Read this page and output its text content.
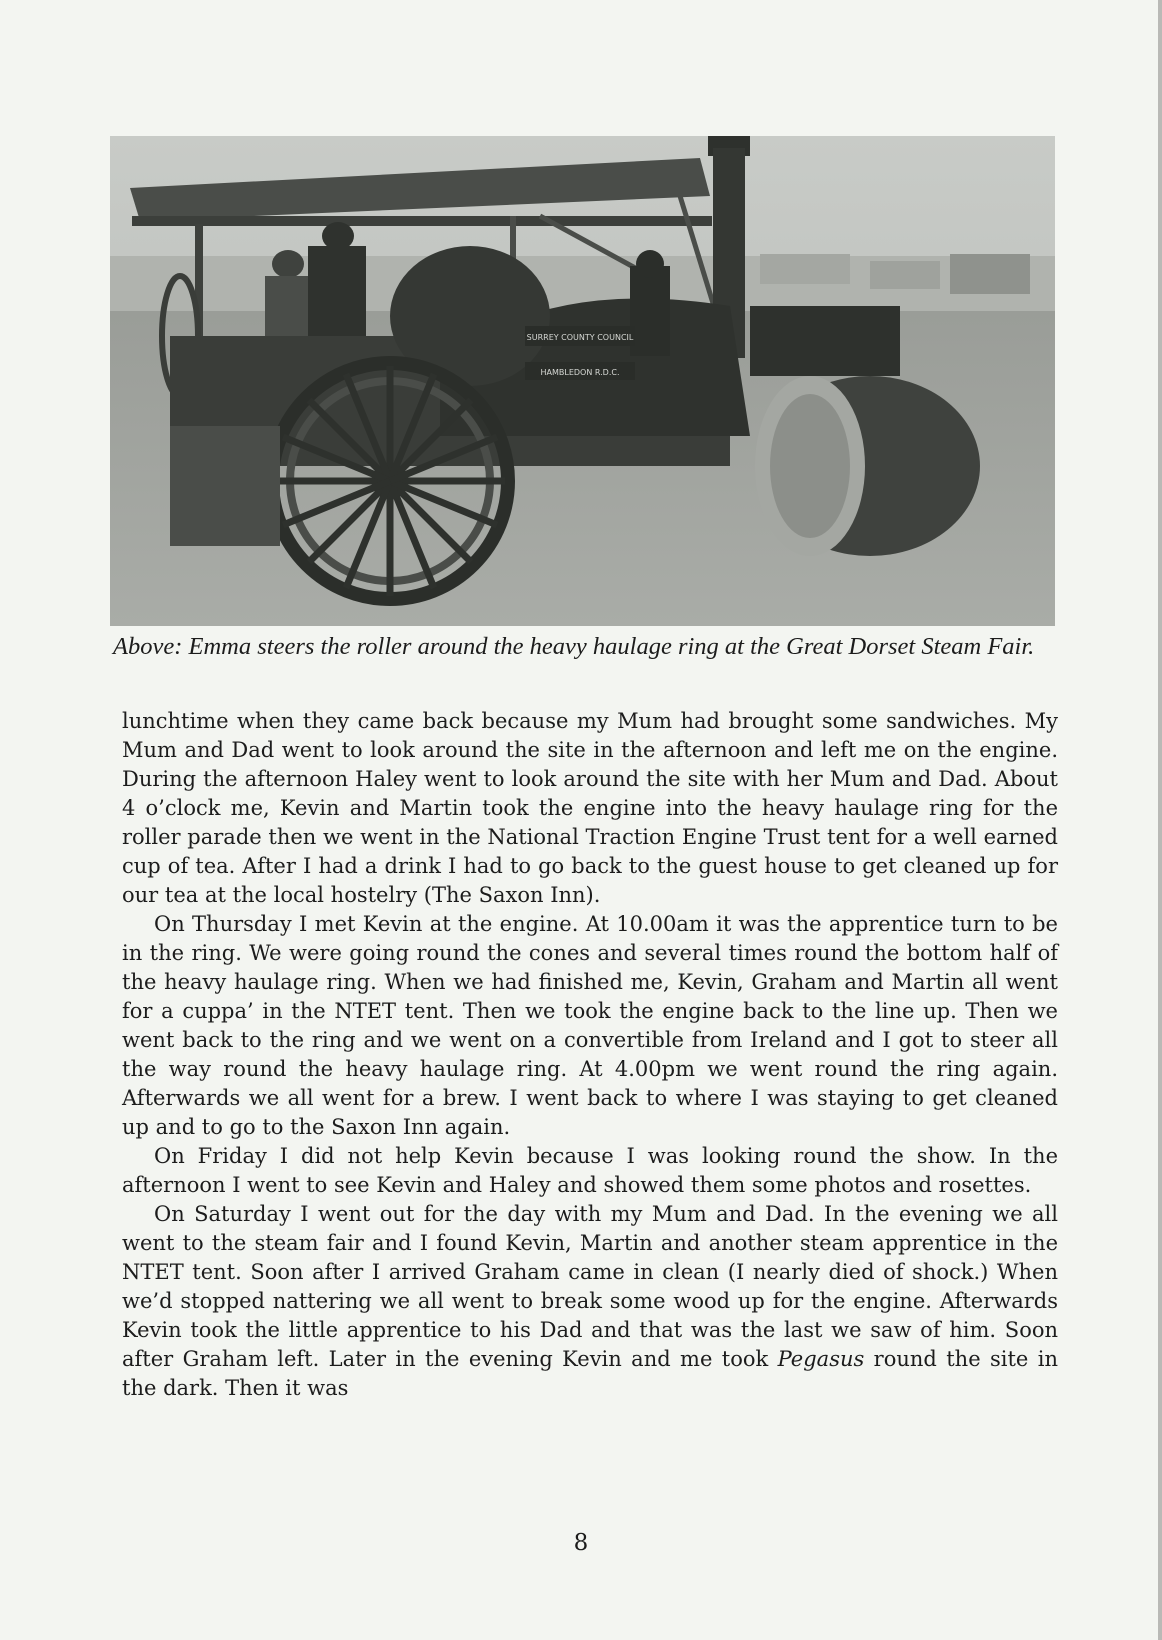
SURREY COUNTY COUNCIL
HAMBLEDON R.D.C.
Above: Emma steers the roller around the heavy haulage ring at the Great Dorset Steam Fair.

lunchtime when they came back because my Mum had brought some sandwiches. My Mum and Dad went to look around the site in the afternoon and left me on the engine. During the afternoon Haley went to look around the site with her Mum and Dad. About 4 o’clock me, Kevin and Martin took the engine into the heavy haulage ring for the roller parade then we went in the National Traction Engine Trust tent for a well earned cup of tea. After I had a drink I had to go back to the guest house to get cleaned up for our tea at the local hostelry (The Saxon Inn).

On Thursday I met Kevin at the engine. At 10.00am it was the apprentice turn to be in the ring. We were going round the cones and several times round the bottom half of the heavy haulage ring. When we had finished me, Kevin, Graham and Martin all went for a cuppa’ in the NTET tent. Then we took the engine back to the line up. Then we went back to the ring and we went on a convertible from Ireland and I got to steer all the way round the heavy haulage ring. At 4.00pm we went round the ring again. Afterwards we all went for a brew. I went back to where I was staying to get cleaned up and to go to the Saxon Inn again.

On Friday I did not help Kevin because I was looking round the show. In the afternoon I went to see Kevin and Haley and showed them some photos and rosettes.

On Saturday I went out for the day with my Mum and Dad. In the evening we all went to the steam fair and I found Kevin, Martin and another steam apprentice in the NTET tent. Soon after I arrived Graham came in clean (I nearly died of shock.) When we’d stopped nattering we all went to break some wood up for the engine. Afterwards Kevin took the little apprentice to his Dad and that was the last we saw of him. Soon after Graham left. Later in the evening Kevin and me took Pegasus round the site in the dark. Then it was

8
